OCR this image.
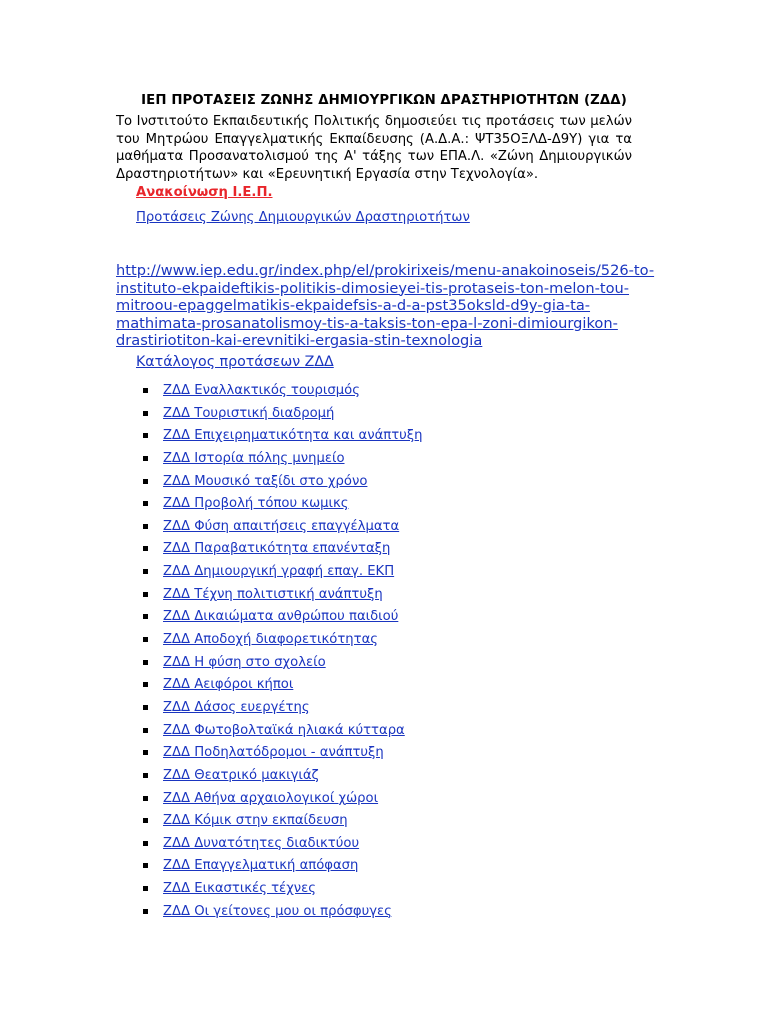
ΙΕΠ ΠΡΟΤΑΣΕΙΣ ΖΩΝΗΣ ΔΗΜΙΟΥΡΓΙΚΩΝ ΔΡΑΣΤΗΡΙΟΤΗΤΩΝ (ΖΔΔ)
Το Ινστιτούτο Εκπαιδευτικής Πολιτικής δημοσιεύει τις προτάσεις των μελών του Μητρώου Επαγγελματικής Εκπαίδευσης (Α.Δ.Α.: ΨΤ35ΟΞΛΔ-Δ9Υ) για τα μαθήματα Προσανατολισμού της Α' τάξης των ΕΠΑ.Λ. «Ζώνη Δημιουργικών Δραστηριοτήτων» και «Ερευνητική Εργασία στην Τεχνολογία».
Ανακοίνωση Ι.Ε.Π.
Προτάσεις Ζώνης Δημιουργικών Δραστηριοτήτων
http://www.iep.edu.gr/index.php/el/prokirixeis/menu-anakoinoseis/526-to-
instituto-ekpaideftikis-politikis-dimosieyei-tis-protaseis-ton-melon-tou-
mitroou-epaggelmatikis-ekpaidefsis-a-d-a-pst35oksld-d9y-gia-ta-
mathimata-prosanatolismoy-tis-a-taksis-ton-epa-l-zoni-dimiourgikon-
drastiriotiton-kai-erevnitiki-ergasia-stin-texnologia
Κατάλογος προτάσεων ΖΔΔ
ΖΔΔ Εναλλακτικός τουρισμός
ΖΔΔ Τουριστική διαδρομή
ΖΔΔ Επιχειρηματικότητα και ανάπτυξη
ΖΔΔ Ιστορία πόλης μνημείο
ΖΔΔ Μουσικό ταξίδι στο χρόνο
ΖΔΔ Προβολή τόπου κωμικς
ΖΔΔ Φύση απαιτήσεις επαγγέλματα
ΖΔΔ Παραβατικότητα επανένταξη
ΖΔΔ Δημιουργική γραφή επαγ. ΕΚΠ
ΖΔΔ Τέχνη πολιτιστική ανάπτυξη
ΖΔΔ Δικαιώματα ανθρώπου παιδιού
ΖΔΔ Αποδοχή διαφορετικότητας
ΖΔΔ Η φύση στο σχολείο
ΖΔΔ Αειφόροι κήποι
ΖΔΔ Δάσος ευεργέτης
ΖΔΔ Φωτοβολταϊκά ηλιακά κύτταρα
ΖΔΔ Ποδηλατόδρομοι - ανάπτυξη
ΖΔΔ Θεατρικό μακιγιάζ
ΖΔΔ Αθήνα αρχαιολογικοί χώροι
ΖΔΔ Κόμικ στην εκπαίδευση
ΖΔΔ Δυνατότητες διαδικτύου
ΖΔΔ Επαγγελματική απόφαση
ΖΔΔ Εικαστικές τέχνες
ΖΔΔ Οι γείτονες μου οι πρόσφυγες
